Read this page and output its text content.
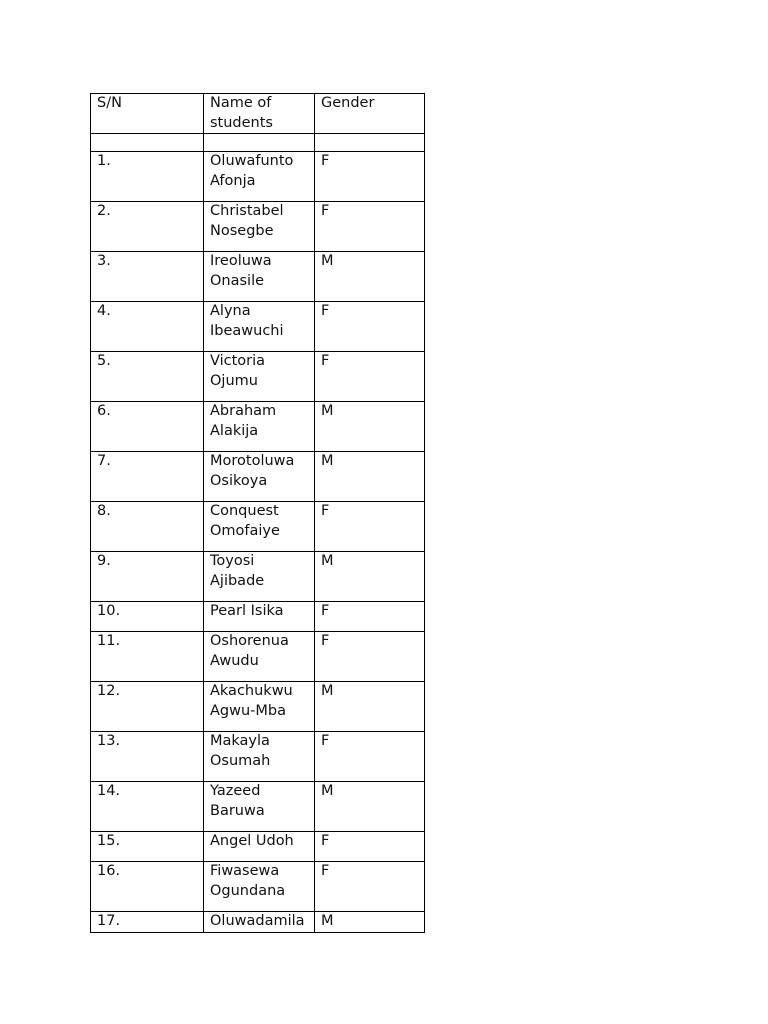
S/N	Name of students	Gender

1.	Oluwafunto Afonja	F
2.	Christabel Nosegbe	F
3.	Ireoluwa Onasile	M
4.	Alyna Ibeawuchi	F
5.	Victoria Ojumu	F
6.	Abraham Alakija	M
7.	Morotoluwa Osikoya	M
8.	Conquest Omofaiye	F
9.	Toyosi Ajibade	M
10.	Pearl Isika	F
11.	Oshorenua Awudu	F
12.	Akachukwu Agwu-Mba	M
13.	Makayla Osumah	F
14.	Yazeed Baruwa	M
15.	Angel Udoh	F
16.	Fiwasewa Ogundana	F
17.	Oluwadamila	M
